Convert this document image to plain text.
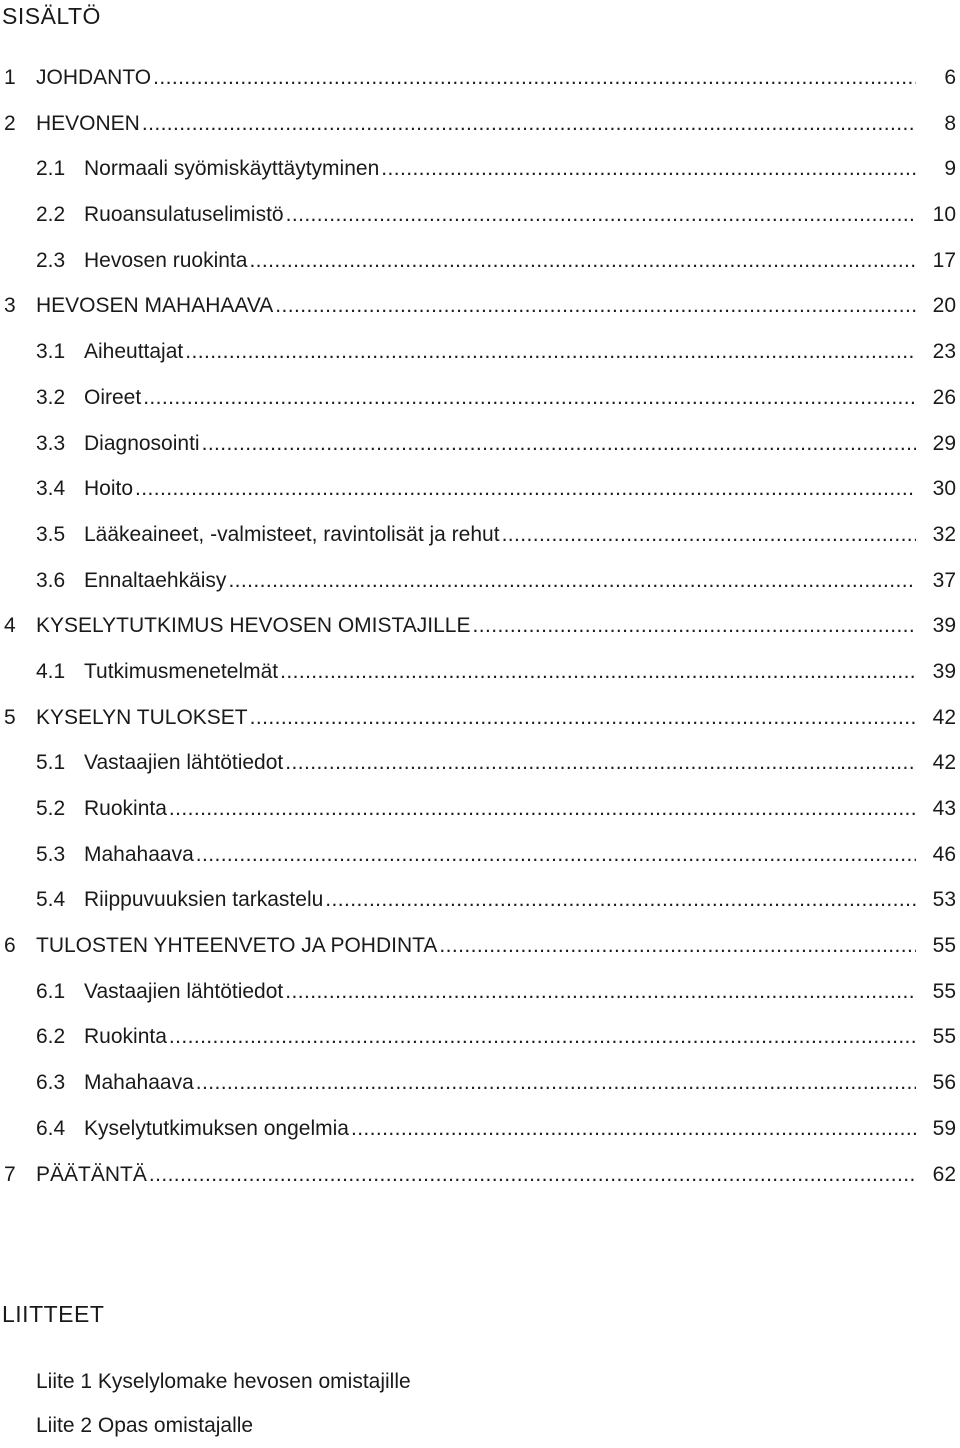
SISÄLTÖ
1 JOHDANTO .....	6
2 HEVONEN .....	8
2.1 Normaali syömiskäyttäytyminen .....	9
2.2 Ruoansulatuselimistö .....	10
2.3 Hevosen ruokinta .....	17
3 HEVOSEN MAHAHAAVA .....	20
3.1 Aiheuttajat .....	23
3.2 Oireet .....	26
3.3 Diagnosointi .....	29
3.4 Hoito .....	30
3.5 Lääkeaineet, -valmisteet, ravintolisät ja rehut .....	32
3.6 Ennaltaehkäisy .....	37
4 KYSELYTUTKIMUS HEVOSEN OMISTAJILLE .....	39
4.1 Tutkimusmenetelmät .....	39
5 KYSELYN TULOKSET .....	42
5.1 Vastaajien lähtötiedot .....	42
5.2 Ruokinta .....	43
5.3 Mahahaava .....	46
5.4 Riippuvuuksien tarkastelu .....	53
6 TULOSTEN YHTEENVETO JA POHDINTA .....	55
6.1 Vastaajien lähtötiedot .....	55
6.2 Ruokinta .....	55
6.3 Mahahaava .....	56
6.4 Kyselytutkimuksen ongelmia .....	59
7 PÄÄTÄNTÄ .....	62
LIITTEET
Liite 1 Kyselylomake hevosen omistajille
Liite 2 Opas omistajalle
